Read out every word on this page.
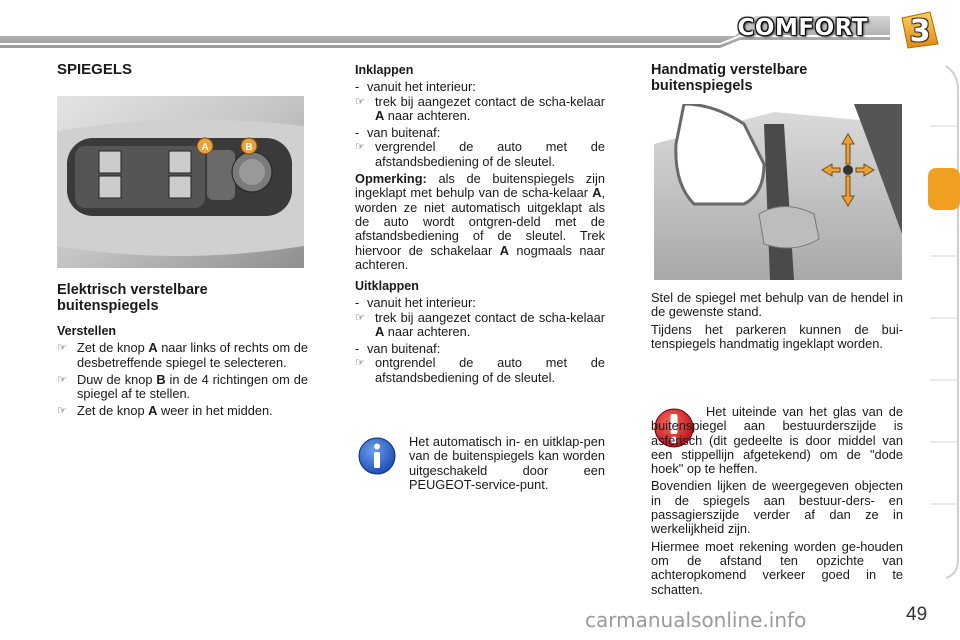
COMFORT	3
SPIEGELS
A	B
Elektrisch verstelbare
buitenspiegels
Verstellen
☞ Zet de knop A naar links of rechts om de desbetreffende spiegel te selecteren.
☞ Duw de knop B in de 4 richtingen om de spiegel af te stellen.
☞ Zet de knop A weer in het midden.
Inklappen
- vanuit het interieur:
☞ trek bij aangezet contact de scha-kelaar A naar achteren.
- van buitenaf:
☞ vergrendel de auto met de afstandsbediening of de sleutel.
Opmerking: als de buitenspiegels zijn ingeklapt met behulp van de scha-kelaar A, worden ze niet automatisch uitgeklapt als de auto wordt ontgren-deld met de afstandsbediening of de sleutel. Trek hiervoor de schakelaar A nogmaals naar achteren.
Uitklappen
- vanuit het interieur:
☞ trek bij aangezet contact de scha-kelaar A naar achteren.
- van buitenaf:
☞ ontgrendel de auto met de afstandsbediening of de sleutel.
Het automatisch in- en uitklap-pen van de buitenspiegels kan worden uitgeschakeld door een PEUGEOT-service-punt.
Handmatig verstelbare
buitenspiegels
Stel de spiegel met behulp van de hendel in de gewenste stand.
Tijdens het parkeren kunnen de bui-tenspiegels handmatig ingeklapt worden.
Het uiteinde van het glas van de buitenspiegel aan bestuurderszijde is asferisch (dit gedeelte is door middel van een stippellijn afgetekend) om de "dode hoek" op te heffen.
Bovendien lijken de weergegeven objecten in de spiegels aan bestuur-ders- en passagierszijde verder af dan ze in werkelijkheid zijn.
Hiermee moet rekening worden ge-houden om de afstand ten opzichte van achteropkomend verkeer goed in te schatten.
carmanualsonline.info	49
